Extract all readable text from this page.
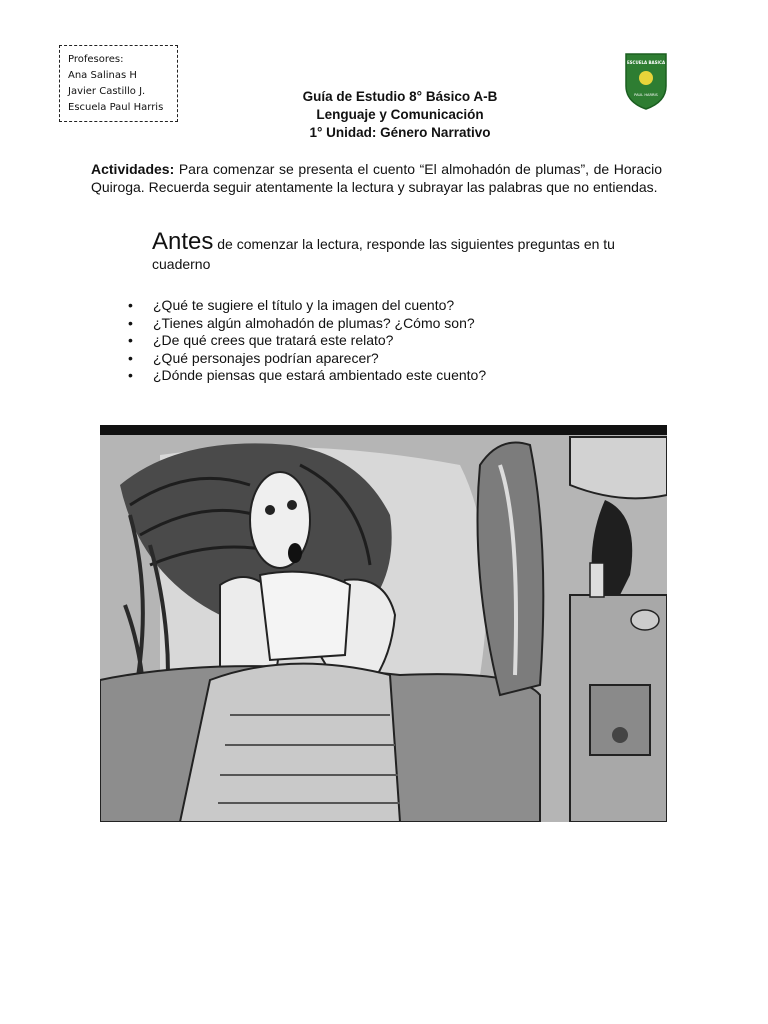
Profesores:
Ana Salinas H
Javier Castillo J.
Escuela Paul Harris
Guía de Estudio 8° Básico A-B
Lenguaje y Comunicación
1° Unidad: Género Narrativo
ESCUELA BASICA
PAUL HARRIS
Actividades: Para comenzar se presenta el cuento “El almohadón de plumas”, de Horacio Quiroga. Recuerda seguir atentamente la lectura y subrayar las palabras que no entiendas.
Antes de comenzar la lectura, responde las siguientes preguntas en tu cuaderno
• ¿Qué te sugiere el título y la imagen del cuento?
• ¿Tienes algún almohadón de plumas? ¿Cómo son?
• ¿De qué crees que tratará este relato?
• ¿Qué personajes podrían aparecer?
• ¿Dónde piensas que estará ambientado este cuento?
